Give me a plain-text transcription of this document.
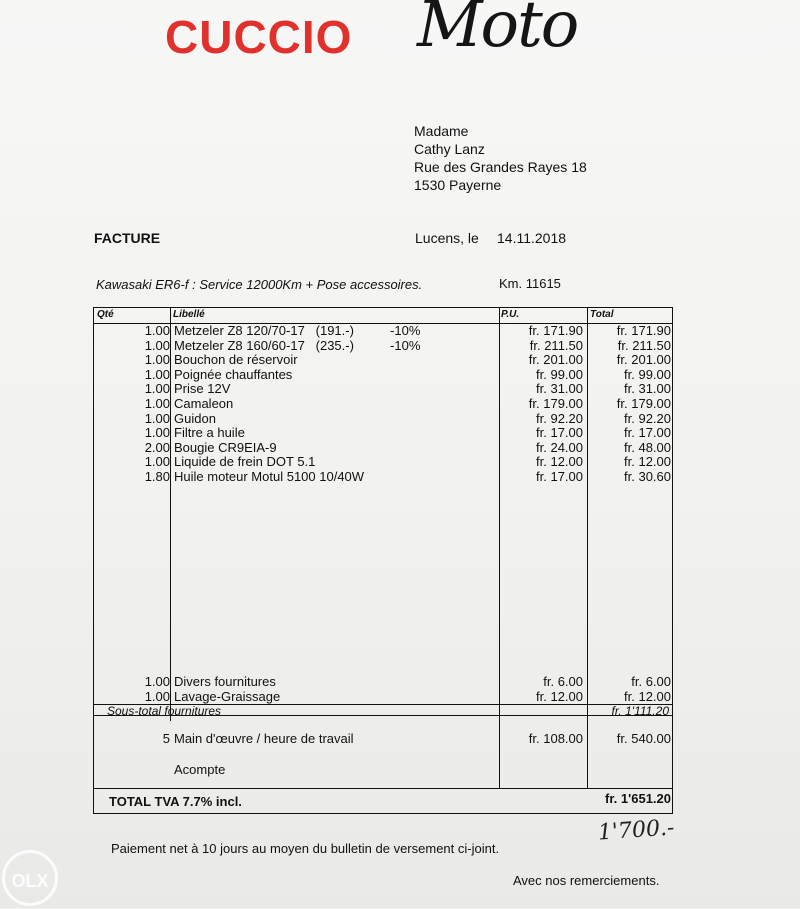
CUCCIO Moto
Madame
Cathy Lanz
Rue des Grandes Rayes 18
1530 Payerne
FACTURE	Lucens, le 14.11.2018
Kawasaki ER6-f : Service 12000Km + Pose accessoires.	Km. 11615
Qté	Libellé	P.U.	Total
1.00 Metzeler Z8 120/70-17   (191.-)          -10%	fr. 171.90	fr. 171.90
1.00 Metzeler Z8 160/60-17   (235.-)          -10%	fr. 211.50	fr. 211.50
1.00 Bouchon de réservoir	fr. 201.00	fr. 201.00
1.00 Poignée chauffantes	fr. 99.00	fr. 99.00
1.00 Prise 12V	fr. 31.00	fr. 31.00
1.00 Camaleon	fr. 179.00	fr. 179.00
1.00 Guidon	fr. 92.20	fr. 92.20
1.00 Filtre a huile	fr. 17.00	fr. 17.00
2.00 Bougie CR9EIA-9	fr. 24.00	fr. 48.00
1.00 Liquide de frein DOT 5.1	fr. 12.00	fr. 12.00
1.80 Huile moteur Motul 5100 10/40W	fr. 17.00	fr. 30.60
1.00 Divers fournitures	fr. 6.00	fr. 6.00
1.00 Lavage-Graissage	fr. 12.00	fr. 12.00
Sous-total fournitures	fr. 1'111.20
5 Main d'œuvre / heure de travail	fr. 108.00	fr. 540.00
Acompte
TOTAL TVA 7.7% incl.	fr. 1'651.20
1'700.-
Paiement net à 10 jours au moyen du bulletin de versement ci-joint.
Avec nos remerciements.
OLX
